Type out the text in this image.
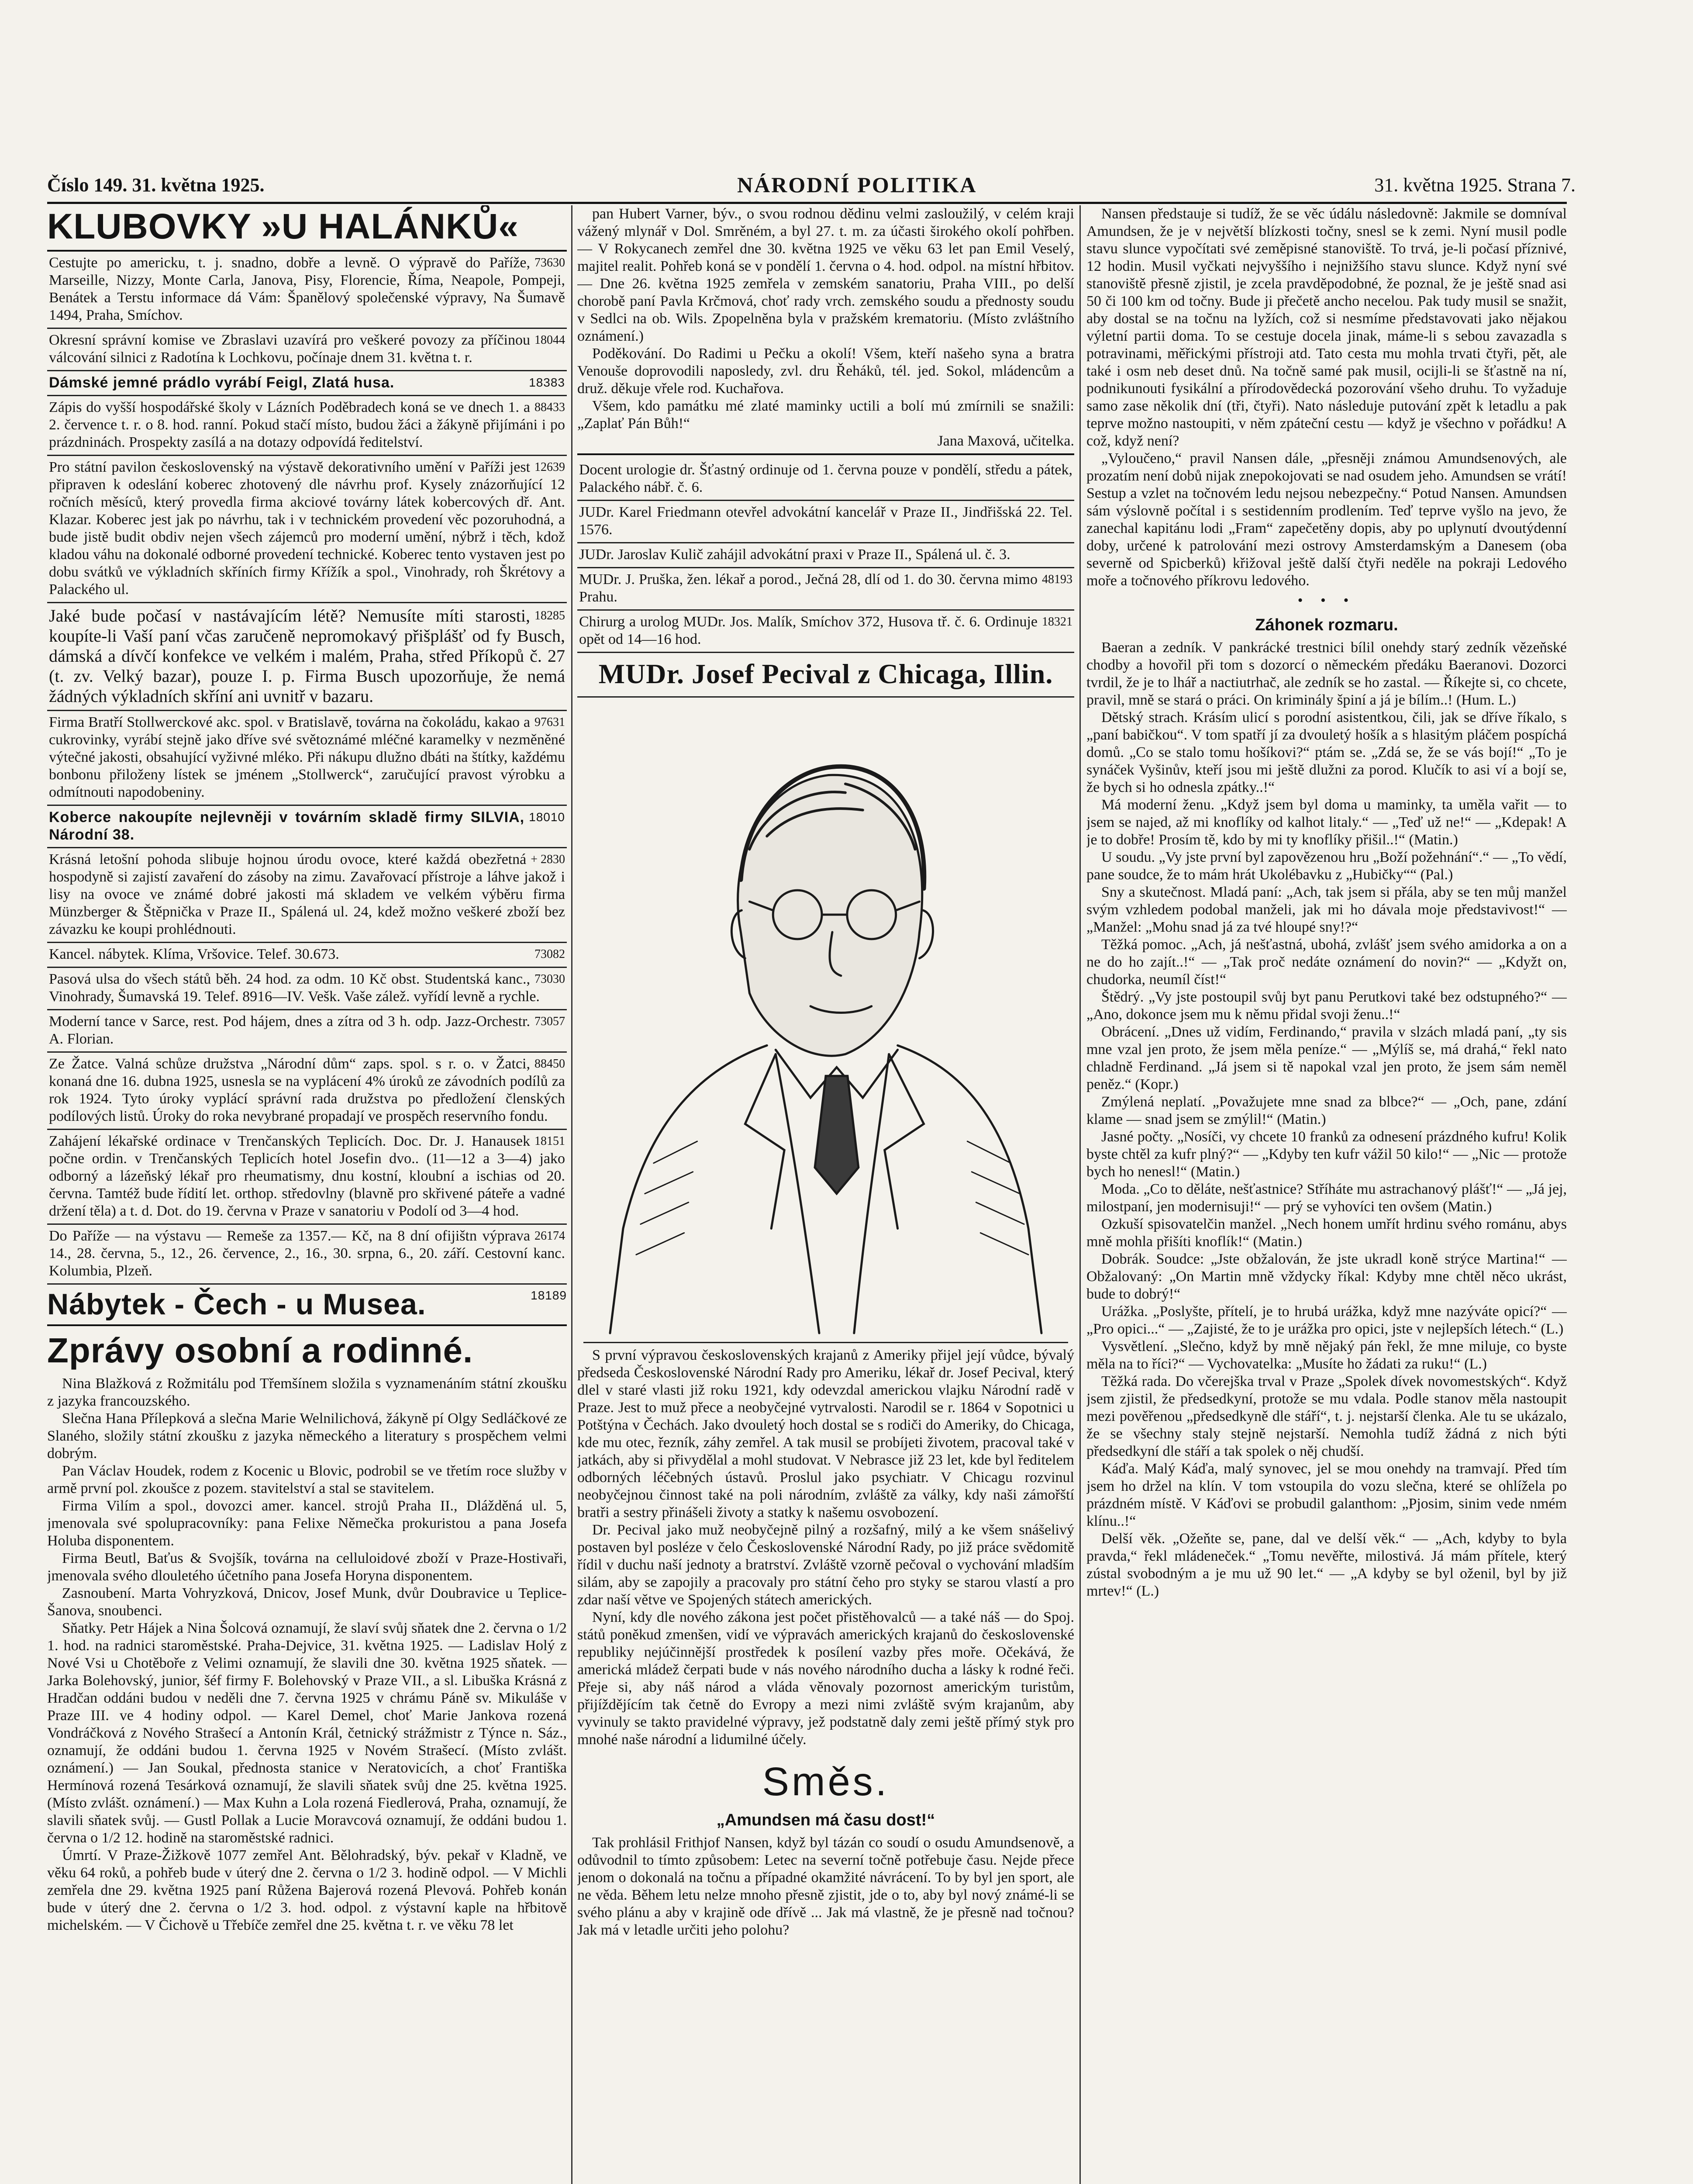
Číslo 149. 31. května 1925.	NÁRODNÍ POLITIKA	31. května 1925. Strana 7.
KLUBOVKY »U HALÁNKŮ«
73630
Cestujte po americku, t. j. snadno, dobře a levně. O výpravě do Paříže, Marseille, Nizzy, Monte Carla, Janova, Pisy, Florencie, Říma, Neapole, Pompeji, Benátek a Terstu informace dá Vám: Španělový společenské výpravy, Na Šumavě 1494, Praha, Smíchov.
18044
Okresní správní komise ve Zbraslavi uzavírá pro veškeré povozy za příčinou válcování silnici z Radotína k Lochkovu, počínaje dnem 31. května t. r.
18383
Dámské jemné prádlo vyrábí Feigl, Zlatá husa.
88433
Zápis do vyšší hospodářské školy v Lázních Poděbradech koná se ve dnech 1. a 2. července t. r. o 8. hod. ranní. Pokud stačí místo, budou žáci a žákyně přijímáni i po prázdninách. Prospekty zasílá a na dotazy odpovídá ředitelství.
12639
Pro státní pavilon československý na výstavě dekorativního umění v Paříži jest připraven k odeslání koberec zhotovený dle návrhu prof. Kysely znázorňující 12 ročních měsíců, který provedla firma akciové továrny látek kobercových dř. Ant. Klazar. Koberec jest jak po návrhu, tak i v technickém provedení věc pozoruhodná, a bude jistě budit obdiv nejen všech zájemců pro moderní umění, nýbrž i těch, kdož kladou váhu na dokonalé odborné provedení technické. Koberec tento vystaven jest po dobu svátků ve výkladních skříních firmy Křížík a spol., Vinohrady, roh Škrétovy a Palackého ul.
18285
Jaké bude počasí v nastávajícím létě? Nemusíte míti starosti, koupíte-li Vaší paní včas zaručeně nepromokavý přišplášť od fy Busch, dámská a dívčí konfekce ve velkém i malém, Praha, střed Příkopů č. 27 (t. zv. Velký bazar), pouze I. p. Firma Busch upozorňuje, že nemá žádných výkladních skříní ani uvnitř v bazaru.
97631
Firma Bratří Stollwerckové akc. spol. v Bratislavě, továrna na čokoládu, kakao a cukrovinky, vyrábí stejně jako dříve své světoznámé mléčné karamelky v nezměněné výtečné jakosti, obsahující vyživné mléko. Při nákupu dlužno dbáti na štítky, každému bonbonu přiloženy lístek se jménem „Stollwerck“, zaručující pravost výrobku a odmítnouti napodobeniny.
18010
Koberce nakoupíte nejlevněji v továrním skladě firmy SILVIA, Národní 38.
+ 2830
Krásná letošní pohoda slibuje hojnou úrodu ovoce, které každá obezřetná hospodyně si zajistí zavaření do zásoby na zimu. Zavařovací přístroje a láhve jakož i lisy na ovoce ve známé dobré jakosti má skladem ve velkém výběru firma Münzberger & Štěpnička v Praze II., Spálená ul. 24, kdež možno veškeré zboží bez závazku ke koupi prohlédnouti.
73082
Kancel. nábytek. Klíma, Vršovice. Telef. 30.673.
73030
Pasová ulsa do všech států běh. 24 hod. za odm. 10 Kč obst. Studentská kanc., Vinohrady, Šumavská 19. Telef. 8916—IV. Vešk. Vaše zálež. vyřídí levně a rychle.
73057
Moderní tance v Sarce, rest. Pod hájem, dnes a zítra od 3 h. odp. Jazz-Orchestr. A. Florian.
88450
Ze Žatce. Valná schůze družstva „Národní dům“ zaps. spol. s r. o. v Žatci, konaná dne 16. dubna 1925, usnesla se na vyplácení 4% úroků ze závodních podílů za rok 1924. Tyto úroky vyplácí správní rada družstva po předložení členských podílových listů. Úroky do roka nevybrané propadají ve prospěch reservního fondu.
18151
Zahájení lékařské ordinace v Trenčanských Teplicích. Doc. Dr. J. Hanausek počne ordin. v Trenčanských Teplicích hotel Josefin dvo.. (11—12 a 3—4) jako odborný a lázeňský lékař pro rheumatismy, dnu kostní, kloubní a ischias od 20. června. Tamtéž bude řídití let. orthop. středovlny (blavně pro skřivené páteře a vadné držení těla) a t. d. Dot. do 19. června v Praze v sanatoriu v Podolí od 3—4 hod.
26174
Do Paříže — na výstavu — Remeše za 1357.— Kč, na 8 dní ofijištn výprava 14., 28. června, 5., 12., 26. července, 2., 16., 30. srpna, 6., 20. září. Cestovní kanc. Kolumbia, Plzeň.
18189
Nábytek - Čech - u Musea.
Zprávy osobní a rodinné.

Nina Blažková z Rožmitálu pod Třemšínem složila s vyznamenáním státní zkoušku z jazyka francouzského.

Slečna Hana Přílepková a slečna Marie Welnilichová, žákyně pí Olgy Sedláčkové ze Slaného, složily státní zkoušku z jazyka německého a literatury s prospěchem velmi dobrým.

Pan Václav Houdek, rodem z Kocenic u Blovic, podrobil se ve třetím roce služby v armě první pol. zkoušce z pozem. stavitelství a stal se stavitelem.

Firma Vilím a spol., dovozci amer. kancel. strojů Praha II., Dlážděná ul. 5, jmenovala své spolupracovníky: pana Felixe Němečka prokuristou a pana Josefa Holuba disponentem.

Firma Beutl, Baťus & Svojšík, továrna na celluloidové zboží v Praze-Hostivaři, jmenovala svého dlouletého účetního pana Josefa Horyna disponentem.

Zasnoubení. Marta Vohryzková, Dnicov, Josef Munk, dvůr Doubravice u Teplice-Šanova, snoubenci.

Sňatky. Petr Hájek a Nina Šolcová oznamují, že slaví svůj sňatek dne 2. června o 1/2 1. hod. na radnici staroměstské. Praha-Dejvice, 31. května 1925. — Ladislav Holý z Nové Vsi u Chotěboře z Velimi oznamují, že slavili dne 30. května 1925 sňatek. — Jarka Bolehovský, junior, šéf firmy F. Bolehovský v Praze VII., a sl. Libuška Krásná z Hradčan oddáni budou v neděli dne 7. června 1925 v chrámu Páně sv. Mikuláše v Praze III. ve 4 hodiny odpol. — Karel Demel, choť Marie Jankova rozená Vondráčková z Nového Strašecí a Antonín Král, četnický strážmistr z Týnce n. Sáz., oznamují, že oddáni budou 1. června 1925 v Novém Strašecí. (Místo zvlášt. oznámení.) — Jan Soukal, přednosta stanice v Neratovicích, a choť Františka Hermínová rozená Tesárková oznamují, že slavili sňatek svůj dne 25. května 1925. (Místo zvlášt. oznámení.) — Max Kuhn a Lola rozená Fiedlerová, Praha, oznamují, že slavili sňatek svůj. — Gustl Pollak a Lucie Moravcová oznamují, že oddáni budou 1. června o 1/2 12. hodině na staroměstské radnici.

Úmrtí. V Praze-Žižkově 1077 zemřel Ant. Bělohradský, býv. pekař v Kladně, ve věku 64 roků, a pohřeb bude v úterý dne 2. června o 1/2 3. hodině odpol. — V Michli zemřela dne 29. května 1925 paní Růžena Bajerová rozená Plevová. Pohřeb konán bude v úterý dne 2. června o 1/2 3. hod. odpol. z výstavní kaple na hřbitově michelském. — V Čichově u Třebíče zemřel dne 25. května t. r. ve věku 78 let

pan Hubert Varner, býv., o svou rodnou dědinu velmi zasloužilý, v celém kraji vážený mlynář v Dol. Smrěném, a byl 27. t. m. za účasti širokého okolí pohřben. — V Rokycanech zemřel dne 30. května 1925 ve věku 63 let pan Emil Veselý, majitel realit. Pohřeb koná se v pondělí 1. června o 4. hod. odpol. na místní hřbitov. — Dne 26. května 1925 zemřela v zemském sanatoriu, Praha VIII., po delší chorobě paní Pavla Krčmová, choť rady vrch. zemského soudu a přednosty soudu v Sedlci na ob. Wils. Zpopelněna byla v pražském krematoriu. (Místo zvláštního oznámení.)

Poděkování. Do Radimi u Pečku a okolí! Všem, kteří našeho syna a bratra Venoušе doprovodili naposledy, zvl. dru Řeháků, tél. jed. Sokol, mládencům a druž. děkuje vřele rod. Kuchařova.

Všem, kdo památku mé zlaté maminky uctili a bolí mú zmírnili se snažili: „Zaplať Pán Bůh!“

Jana Maxová, učitelka.

Docent urologie dr. Šťastný ordinuje od 1. června pouze v pondělí, středu a pátek, Palackého nábř. č. 6.
JUDr. Karel Friedmann otevřel advokátní kancelář v Praze II., Jindřišská 22. Tel. 1576.
JUDr. Jaroslav Kulič zahájil advokátní praxi v Praze II., Spálená ul. č. 3.
48193
MUDr. J. Pruška, žen. lékař a porod., Ječná 28, dlí od 1. do 30. června mimo Prahu.
18321
Chirurg a urolog MUDr. Jos. Malík, Smíchov 372, Husova tř. č. 6. Ordinuje opět od 14—16 hod.
MUDr. Josef Pecival z Chicaga, Illin.

S první výpravou československých krajanů z Ameriky přijel její vůdce, bývalý předseda Československé Národní Rady pro Ameriku, lékař dr. Josef Pecival, který dlel v staré vlasti již roku 1921, kdy odevzdal americkou vlajku Národní radě v Praze. Jest to muž přece a neobyčejné vytrvalosti. Narodil se r. 1864 v Sopotnici u Potštýna v Čechách. Jako dvouletý hoch dostal se s rodiči do Ameriky, do Chicaga, kde mu otec, řezník, záhy zemřel. A tak musil se probíjeti životem, pracoval také v jatkách, aby si přivydělal a mohl studovat. V Nebrasce již 23 let, kde byl ředitelem odborných léčebných ústavů. Proslul jako psychiatr. V Chicagu rozvinul neobyčejnou činnost také na poli národním, zvláště za války, kdy naši zámořští bratři a sestry přinášeli životy a statky k našemu osvobození.

Dr. Pecival jako muž neobyčejně pilný a rozšafný, milý a ke všem snášelivý postaven byl posléze v čelo Československé Národní Rady, po již práce svědomitě řídil v duchu naší jednoty a bratrství. Zvláště vzorně pečoval o vychování mladším silám, aby se zapojily a pracovaly pro státní čeho pro styky se starou vlastí a pro zdar naší větve ve Spojených státech amerických.

Nyní, kdy dle nového zákona jest počet přistěhovalců — a také náš — do Spoj. států poněkud zmenšen, vidí ve výpravách amerických krajanů do československé republiky nejúčinnější prostředek k posílení vazby přes moře. Očekává, že americká mládež čerpati bude v nás nového národního ducha a lásky k rodné řeči. Přeje si, aby náš národ a vláda věnovaly pozornost americkým turistům, přijíždějícím tak četně do Evropy a mezi nimi zvláště svým krajanům, aby vyvinuly se takto pravidelné výpravy, jež podstatně daly zemi ještě přímý styk pro mnohé naše národní a lidumilné účely.

Směs.
„Amundsen má času dost!“

Tak prohlásil Frithjof Nansen, když byl tázán co soudí o osudu Amundsenově, a odůvodnil to tímto způsobem: Letec na severní točně potřebuje času. Nejde přece jenom o dokonalá na točnu a případné okamžité návrácení. To by byl jen sport, ale ne věda. Během letu nelze mnoho přesně zjistit, jde o to, aby byl nový známé-li se svého plánu a aby v krajině ode dřívě ... Jak má vlastně, že je přesně nad točnou? Jak má v letadle určiti jeho polohu?

Nansen předstauje si tudíž, že se věc údálu následovně: Jakmile se domníval Amundsen, že je v největší blízkosti točny, snesl se k zemi. Nyní musil podle stavu slunce vypočítati své zeměpisné stanoviště. To trvá, je-li počasí příznivé, 12 hodin. Musil vyčkati nejvyššího i nejnižšího stavu slunce. Když nyní své stanoviště přesně zjistil, je zcela pravděpodobné, že poznal, že je ještě snad asi 50 či 100 km od točny. Bude ji přečetě ancho necelou. Pak tudy musil se snažit, aby dostal se na točnu na lyžích, což si nesmíme představovati jako nějakou výletní partii doma. To se cestuje docela jinak, máme-li s sebou zavazadla s potravinami, měřickými přístroji atd. Tato cesta mu mohla trvati čtyři, pět, ale také i osm neb deset dnů. Na točně samé pak musil, ocijli-li se šťastně na ní, podnikunouti fysikální a přírodovědecká pozorování všeho druhu. To vyžaduje samo zase několik dní (tři, čtyři). Nato následuje putování zpět k letadlu a pak teprve možno nastoupiti, v něm zpáteční cestu — když je všechno v pořádku! A což, když není?

„Vyloučeno,“ pravil Nansen dále, „přesněji známou Amundsenových, ale prozatím není dobů nijak znepokojovati se nad osudem jeho. Amundsen se vrátí! Sestup a vzlet na točnovém ledu nejsou nebezpečny.“ Potud Nansen. Amundsen sám výslovně počítal i s sestidenním prodlením. Teď teprve vyšlo na jevo, že zanechal kapitánu lodi „Fram“ zapečetěny dopis, aby po uplynutí dvoutýdenní doby, určené k patrolování mezi ostrovy Amsterdamským a Danesem (oba severně od Spicberků) křižoval ještě další čtyři neděle na pokraji Ledového moře a točnového příkrovu ledového.

• • •
Záhonek rozmaru.

Baeran a zedník. V pankrácké trestnici bílil onehdy starý zedník vězeňské chodby a hovořil při tom s dozorcí o německém předáku Baeranovi. Dozorci tvrdil, že je to lhář a nactiutrhač, ale zedník se ho zastal. — Říkejte si, co chcete, pravil, mně se stará o práci. On kriminály špiní a já je bílím..! (Hum. L.)

Dětský strach. Krásím ulicí s porodní asistentkou, čili, jak se dříve říkalo, s „paní babičkou“. V tom spatří jí za dvouletý hošík a s hlasitým pláčem pospíchá domů. „Co se stalo tomu hošíkovi?“ ptám se. „Zdá se, že se vás bojí!“ „To je synáček Vyšinův, kteří jsou mi ještě dlužni za porod. Klučík to asi ví a bojí se, že bych si ho odnesla zpátky..!“

Má moderní ženu. „Když jsem byl doma u maminky, ta uměla vařit — to jsem se najed, až mi knoflíky od kalhot litaly.“ — „Teď už ne!“ — „Kdepak! A je to dobře! Prosím tě, kdo by mi ty knoflíky přišil..!“ (Matin.)

U soudu. „Vy jste první byl zapovězenou hru „Boží požehnání“.“ — „To vědí, pane soudce, že to mám hrát Ukolébavku z „Hubičky““ (Pal.)

Sny a skutečnost. Mladá paní: „Ach, tak jsem si přála, aby se ten můj manžel svým vzhledem podobal manželi, jak mi ho dávala moje představivost!“ — „Manžel: „Mohu snad já za tvé hloupé sny!?“

Těžká pomoc. „Ach, já nešťastná, ubohá, zvlášť jsem svého amidorka a on a ne do ho zajít..!“ — „Tak proč nedáte oznámení do novin?“ — „Kdyžt on, chudorka, neumíl číst!“

Štědrý. „Vy jste postoupil svůj byt panu Perutkovi také bez odstupného?“ — „Ano, dokonce jsem mu k němu přidal svoji ženu..!“

Obrácení. „Dnes už vidím, Ferdinando,“ pravila v slzách mladá paní, „ty sis mne vzal jen proto, že jsem měla peníze.“ — „Mýlíš se, má drahá,“ řekl nato chladně Ferdinand. „Já jsem si tě napokal vzal jen proto, že jsem sám neměl peněz.“ (Kopr.)

Zmýlená neplatí. „Považujete mne snad za blbce?“ — „Och, pane, zdání klame — snad jsem se zmýlil!“ (Matin.)

Jasné počty. „Nosíči, vy chcete 10 franků za odnesení prázdného kufru! Kolik byste chtěl za kufr plný?“ — „Kdyby ten kufr vážil 50 kilo!“ — „Nic — protože bych ho nenesl!“ (Matin.)

Moda. „Co to děláte, nešťastnice? Stříháte mu astrachanový plášť!“ — „Já jej, milostpaní, jen modernisuji!“ — prý se vyhovíci ten ovšem (Matin.)

Ozkuší spisovatelčin manžel. „Nech honem umřít hrdinu svého románu, abys mně mohla přišíti knoflík!“ (Matin.)

Dobrák. Soudce: „Jste obžalován, že jste ukradl koně strýce Martina!“ — Obžalovaný: „On Martin mně vždycky říkal: Kdyby mne chtěl něco ukrást, bude to dobrý!“

Urážka. „Poslyšte, přítelí, je to hrubá urážka, když mne nazýváte opicí?“ — „Pro opici...“ — „Zajisté, že to je urážka pro opici, jste v nejlepších létech.“ (L.)

Vysvětlení. „Slečno, když by mně nějaký pán řekl, že mne miluje, co byste měla na to říci?“ — Vychovatelka: „Musíte ho žádati za ruku!“ (L.)

Těžká rada. Do včerejška trval v Praze „Spolek dívek novomestských“. Když jsem zjistil, že předsedkyní, protože se mu vdala. Podle stanov měla nastoupit mezi pověřenou „předsedkyně dle stáří“, t. j. nejstarší členka. Ale tu se ukázalo, že se všechny staly stejně nejstarší. Nemohla tudíž žádná z nich býti předsedkyní dle stáří a tak spolek o něj chudší.

Káďa. Malý Káďa, malý synovec, jel se mou onehdy na tramvají. Před tím jsem ho držel na klín. V tom vstoupila do vozu slečna, které se ohlížela po prázdném místě. V Káďovi se probudil galanthom: „Pjosim, sinim vede nmém klínu..!“

Delší věk. „Ožeňte se, pane, dal ve delší věk.“ — „Ach, kdyby to byla pravda,“ řekl mládeneček.“ „Tomu nevěřte, milostivá. Já mám přítele, který zústal svobodným a je mu už 90 let.“ — „A kdyby se byl oženil, byl by již mrtev!“ (L.)
